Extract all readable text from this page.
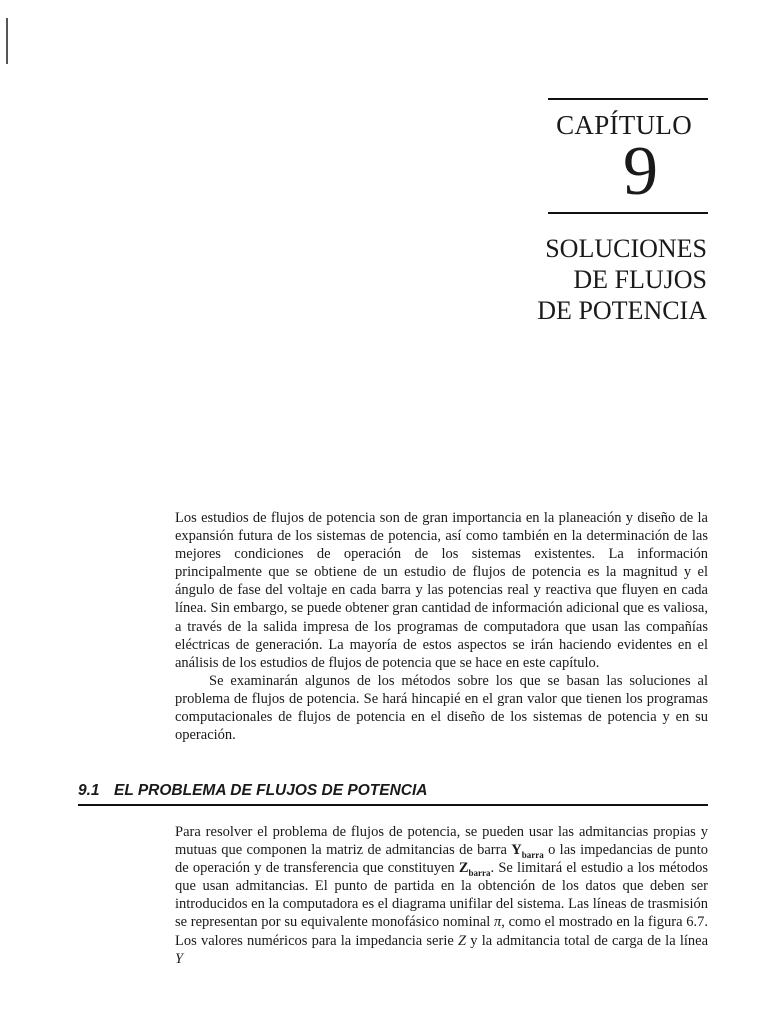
CAPÍTULO
9
SOLUCIONES
DE FLUJOS
DE POTENCIA

Los estudios de flujos de potencia son de gran importancia en la planeación y diseño de la expansión futura de los sistemas de potencia, así como también en la determinación de las mejores condiciones de operación de los sistemas existentes. La información principalmente que se obtiene de un estudio de flujos de potencia es la magnitud y el ángulo de fase del voltaje en cada barra y las potencias real y reactiva que fluyen en cada línea. Sin embargo, se puede obtener gran cantidad de información adicional que es valiosa, a través de la salida impresa de los programas de computadora que usan las compañías eléctricas de generación. La mayoría de estos aspectos se irán haciendo evidentes en el análisis de los estudios de flujos de potencia que se hace en este capítulo.

Se examinarán algunos de los métodos sobre los que se basan las soluciones al problema de flujos de potencia. Se hará hincapié en el gran valor que tienen los programas computacionales de flujos de potencia en el diseño de los sistemas de potencia y en su operación.

9.1 EL PROBLEMA DE FLUJOS DE POTENCIA

Para resolver el problema de flujos de potencia, se pueden usar las admitancias propias y mutuas que componen la matriz de admitancias de barra $Y_{barra}$ o las impedancias de punto de operación y de transferencia que constituyen $Z_{barra}$. Se limitará el estudio a los métodos que usan admitancias. El punto de partida en la obtención de los datos que deben ser introducidos en la computadora es el diagrama unifilar del sistema. Las líneas de trasmisión se representan por su equivalente monofásico nominal π, como el mostrado en la figura 6.7. Los valores numéricos para la impedancia serie Z y la admitancia total de carga de la línea Y
